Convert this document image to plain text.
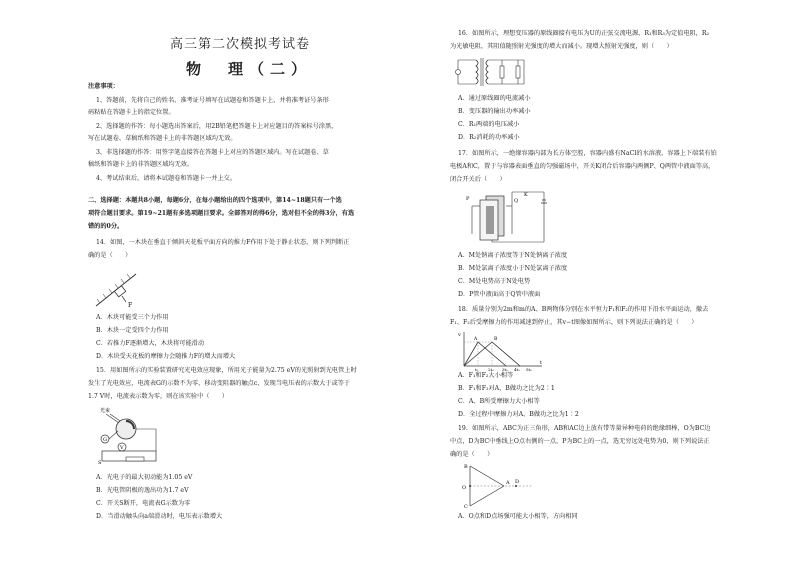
高三第二次模拟考试卷
物　理（二）
注意事项：
1、答题前，先将自己的姓名、准考证号填写在试题卷和答题卡上，并将准考证号条形
码粘贴在答题卡上的指定位置。
2、选择题的作答：每小题选出答案后，用2B铅笔把答题卡上对应题目的答案标号涂黑，
写在试题卷、草稿纸和答题卡上的非答题区域均无效。
3、非选择题的作答：用签字笔直接答在答题卡上对应的答题区域内。写在试题卷、草
稿纸和答题卡上的非答题区域均无效。
4、考试结束后，请将本试题卷和答题卡一并上交。
二、选择题：本题共8小题，每题6分，在每小题给出的四个选项中，第14~18题只有一个选
项符合题目要求。第19~21题有多选项题目要求。全部答对的得6分，选对但不全的得3分，有选
错的的0分。
14．如图，一木块在垂直于倾斜天花板平面方向的推力F作用下处于静止状态，则下列判断正
确的是（　　）
F
A．木块可能受三个力作用
B．木块一定受四个力作用
C．若推力F逐渐增大，木块将可能滑动
D．木块受天花板的摩擦力会随推力F的增大而增大
15．用如图所示的实验装置研究光电效应现象，所用光子能量为2.75 eV的光照射到光电管上时
发生了光电效应，电流表G的示数不为零，移动变阻器的触点c，发现当电压表的示数大于或等于
1.7 V时，电流表示数为零，则在该实验中（　　）
光束
G
V
S
A．光电子的最大初动能为1.05 eV
B．光电管阴极的逸出功为1.7 eV
C．开关S断开，电流表G示数为零
D．当滑动触头向a端滑动时，电压表示数增大
16．如图所示，理想变压器的原线圈接有电压为U的正弦交流电源，R₁和R₃为定值电阻，R₂
为光敏电阻，其阻值随照射光强度的增大而减小。现增大照射光强度，则（　　）
A．通过原线圈的电流减小
B．变压器的输出功率减小
C．R₁两端的电压减小
D．R₂消耗的功率减小
17．如图所示，一绝缘容器内部为长方体空腔，容器内盛有NaCl的水溶液，容器上下端装有铂
电极A和C，置于与容器表面垂直的匀强磁场中，开关K闭合后容器内两侧P、Q两管中液面等高，
闭合开关后（　　）
P	Q
K
A．M处钠离子浓度等于N处钠离子浓度
B．M处氯离子浓度小于N处氯离子浓度
C．M处电势高于N处电势
D．P管中液面高于Q管中液面
18．质量分别为2m和m的A、B两物体分别在水平恒力F₁和F₂的作用下沿水平面运动，撤去
F₁、F₂后受摩擦力的作用减速到停止，其v−t图像如图所示，则下列说法正确的是（　　）
v
t
A	B
t₀ 2t₀ 3t₀ 4t₀ 5t₀
A．F₁和F₂大小相等
B．F₁和F₂对A、B做功之比为2∶1
C．A、B所受摩擦力大小相等
D．全过程中摩擦力对A、B做功之比为1∶2
19．如图所示，ABC为正三角形，AB和AC边上放有带等量异种电荷的绝缘细棒，O为BC边
中点，D为BC中垂线上O点右侧的一点，P为BC上的一点，选无穷远处电势为0，则下列说法正
确的是（　　）
B
A
C
O
D
A．O点和D点场强可能大小相等，方向相同
